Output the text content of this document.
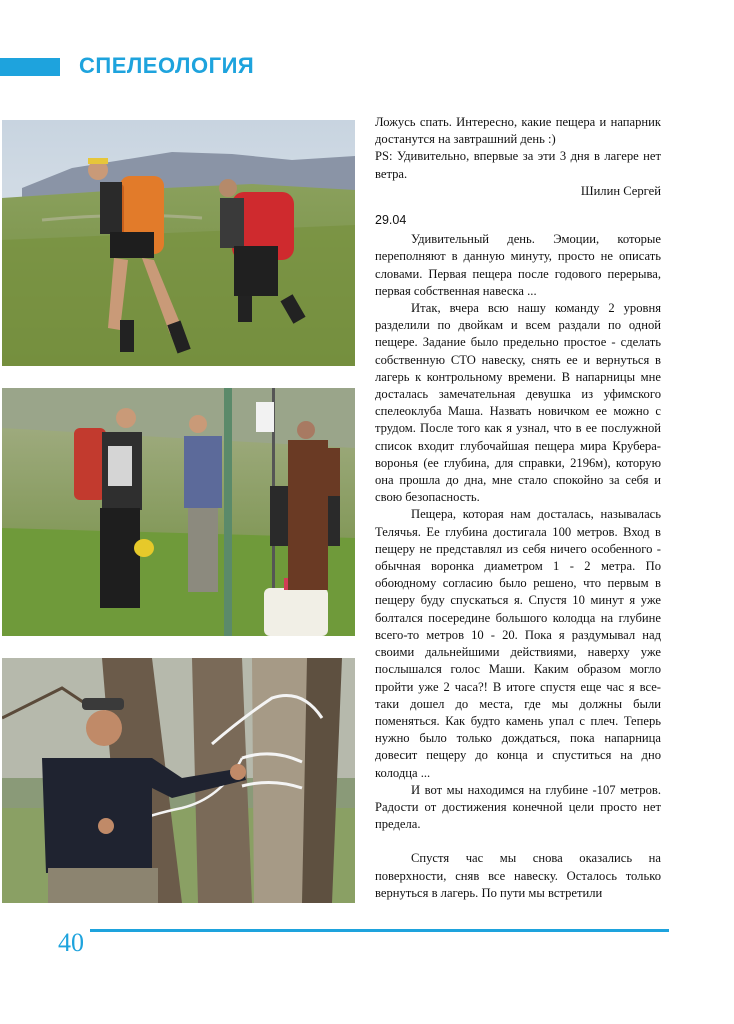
СПЕЛЕОЛОГИЯ

Ложусь спать. Интересно, какие пещера и напарник достанутся на завтрашний день :)

PS: Удивительно, впервые за эти 3 дня в лагере нет ветра.

Шилин Сергей

29.04

Удивительный день. Эмоции, которые переполняют в данную минуту, просто не описать словами. Первая пещера после годового перерыва, первая собственная навеска ...

Итак, вчера всю нашу команду 2 уровня разделили по двойкам и всем раздали по одной пещере. Задание было предельно простое - сделать собственную СТО навеску, снять ее и вернуться в лагерь к контрольному времени. В напарницы мне досталась замечательная девушка из уфимского спелеоклуба Маша. Назвать новичком ее можно с трудом. После того как я узнал, что в ее послужной список входит глубочайшая пещера мира Крубера-воронья (ее глубина, для справки, 2196м), которую она прошла до дна, мне стало спокойно за себя и свою безопасность.

Пещера, которая нам досталась, называлась Телячья. Ее глубина достигала 100 метров. Вход в пещеру не представлял из себя ничего особенного - обычная воронка диаметром 1 - 2 метра. По обоюдному согласию было решено, что первым в пещеру буду спускаться я. Спустя 10 минут я уже болтался посередине большого колодца на глубине всего-то метров 10 - 20. Пока я раздумывал над своими дальнейшими действиями, наверху уже послышался голос Маши. Каким образом могло пройти уже 2 часа?! В итоге спустя еще час я все-таки дошел до места, где мы должны были поменяться. Как будто камень упал с плеч. Теперь нужно было только дождаться, пока напарница довесит пещеру до конца и спуститься на дно колодца ...

И вот мы находимся на глубине -107 метров. Радости от достижения конечной цели просто нет предела.

Спустя час мы снова оказались на поверхности, сняв все навеску. Осталось только вернуться в лагерь. По пути мы встретили

40
